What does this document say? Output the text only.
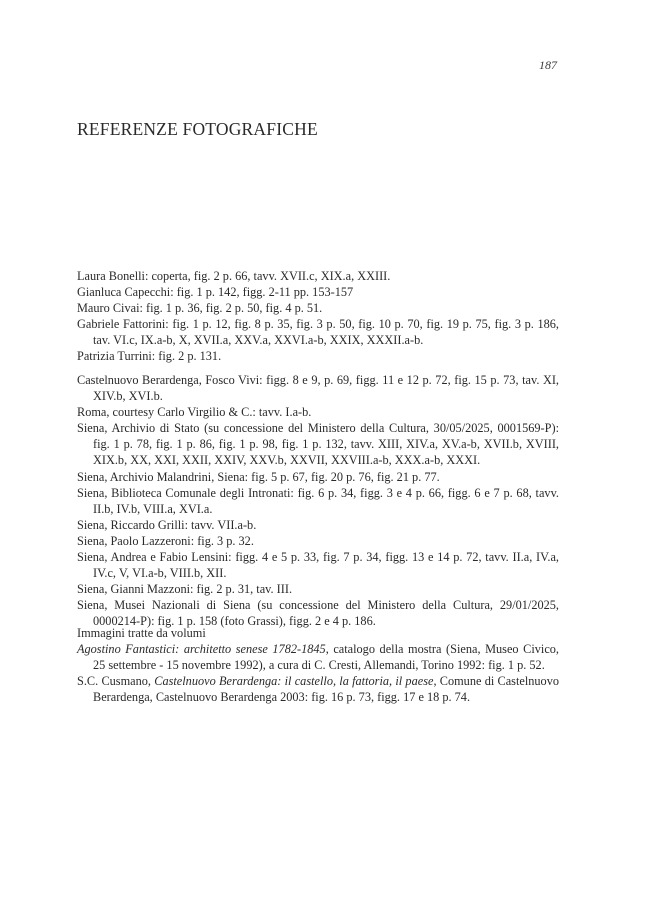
187
REFERENZE FOTOGRAFICHE

Laura Bonelli: coperta, fig. 2 p. 66, tavv. XVII.c, XIX.a, XXIII.

Gianluca Capecchi: fig. 1 p. 142, figg. 2-11 pp. 153-157

Mauro Civai: fig. 1 p. 36, fig. 2 p. 50, fig. 4 p. 51.

Gabriele Fattorini: fig. 1 p. 12, fig. 8 p. 35, fig. 3 p. 50, fig. 10 p. 70, fig. 19 p. 75, fig. 3 p. 186, tav. VI.c, IX.a-b, X, XVII.a, XXV.a, XXVI.a-b, XXIX, XXXII.a-b.

Patrizia Turrini: fig. 2 p. 131.

Castelnuovo Berardenga, Fosco Vivi: figg. 8 e 9, p. 69, figg. 11 e 12 p. 72, fig. 15 p. 73, tav. XI, XIV.b, XVI.b.

Roma, courtesy Carlo Virgilio & C.: tavv. I.a-b.

Siena, Archivio di Stato (su concessione del Ministero della Cultura, 30/05/2025, 0001569-P): fig. 1 p. 78, fig. 1 p. 86, fig. 1 p. 98, fig. 1 p. 132, tavv. XIII, XIV.a, XV.a-b, XVII.b, XVIII, XIX.b, XX, XXI, XXII, XXIV, XXV.b, XXVII, XXVIII.a-b, XXX.a-b, XXXI.

Siena, Archivio Malandrini, Siena: fig. 5 p. 67, fig. 20 p. 76, fig. 21 p. 77.

Siena, Biblioteca Comunale degli Intronati: fig. 6 p. 34, figg. 3 e 4 p. 66, figg. 6 e 7 p. 68, tavv. II.b, IV.b, VIII.a, XVI.a.

Siena, Riccardo Grilli: tavv. VII.a-b.

Siena, Paolo Lazzeroni: fig. 3 p. 32.

Siena, Andrea e Fabio Lensini: figg. 4 e 5 p. 33, fig. 7 p. 34, figg. 13 e 14 p. 72, tavv. II.a, IV.a, IV.c, V, VI.a-b, VIII.b, XII.

Siena, Gianni Mazzoni: fig. 2 p. 31, tav. III.

Siena, Musei Nazionali di Siena (su concessione del Ministero della Cultura, 29/01/2025, 0000214-P): fig. 1 p. 158 (foto Grassi), figg. 2 e 4 p. 186.

Immagini tratte da volumi

Agostino Fantastici: architetto senese 1782-1845, catalogo della mostra (Siena, Museo Civico, 25 settembre - 15 novembre 1992), a cura di C. Cresti, Allemandi, Torino 1992: fig. 1 p. 52.

S.C. Cusmano, Castelnuovo Berardenga: il castello, la fattoria, il paese, Comune di Castelnuovo Berardenga, Castelnuovo Berardenga 2003: fig. 16 p. 73, figg. 17 e 18 p. 74.
